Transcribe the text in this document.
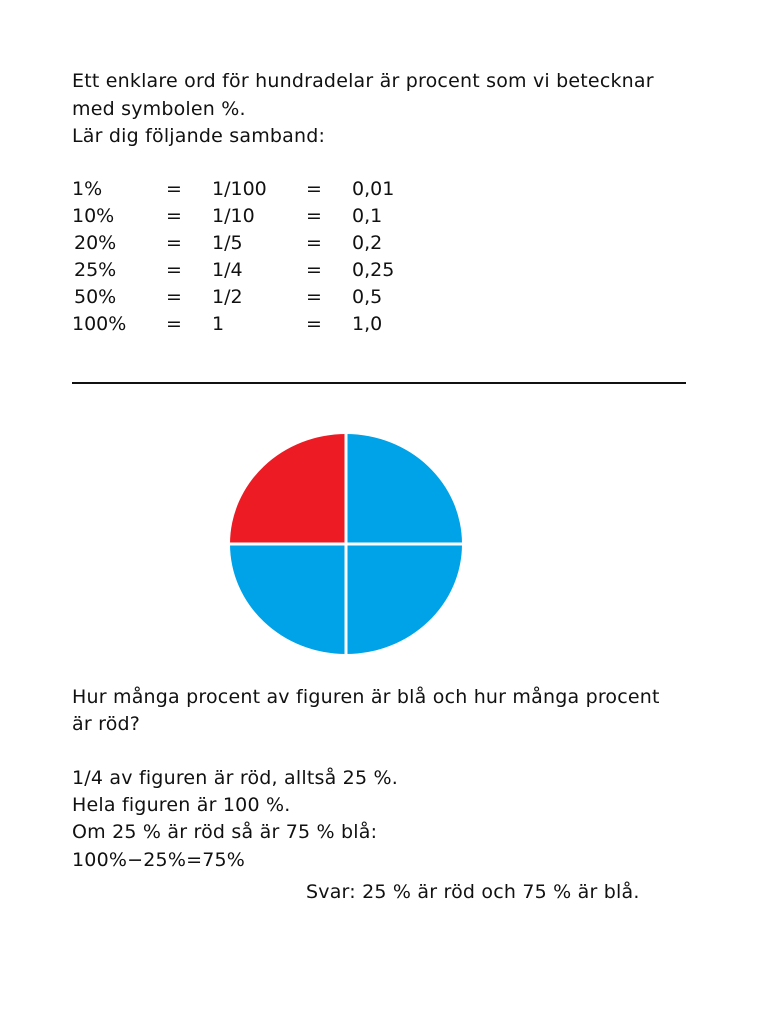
Ett enklare ord för hundradelar är procent som vi betecknar
med symbolen %.
Lär dig följande samband:
1%	= 1/100 = 0,01
10%	= 1/10	= 0,1
20%	= 1/5	= 0,2
25%	= 1/4	= 0,25
50%	= 1/2	= 0,5
100% = 1	= 1,0
Hur många procent av figuren är blå och hur många procent
är röd?
1/4 av figuren är röd, alltså 25 %.
Hela figuren är 100 %.
Om 25 % är röd så är 75 % blå:
100%−25%=75%
Svar: 25 % är röd och 75 % är blå.
